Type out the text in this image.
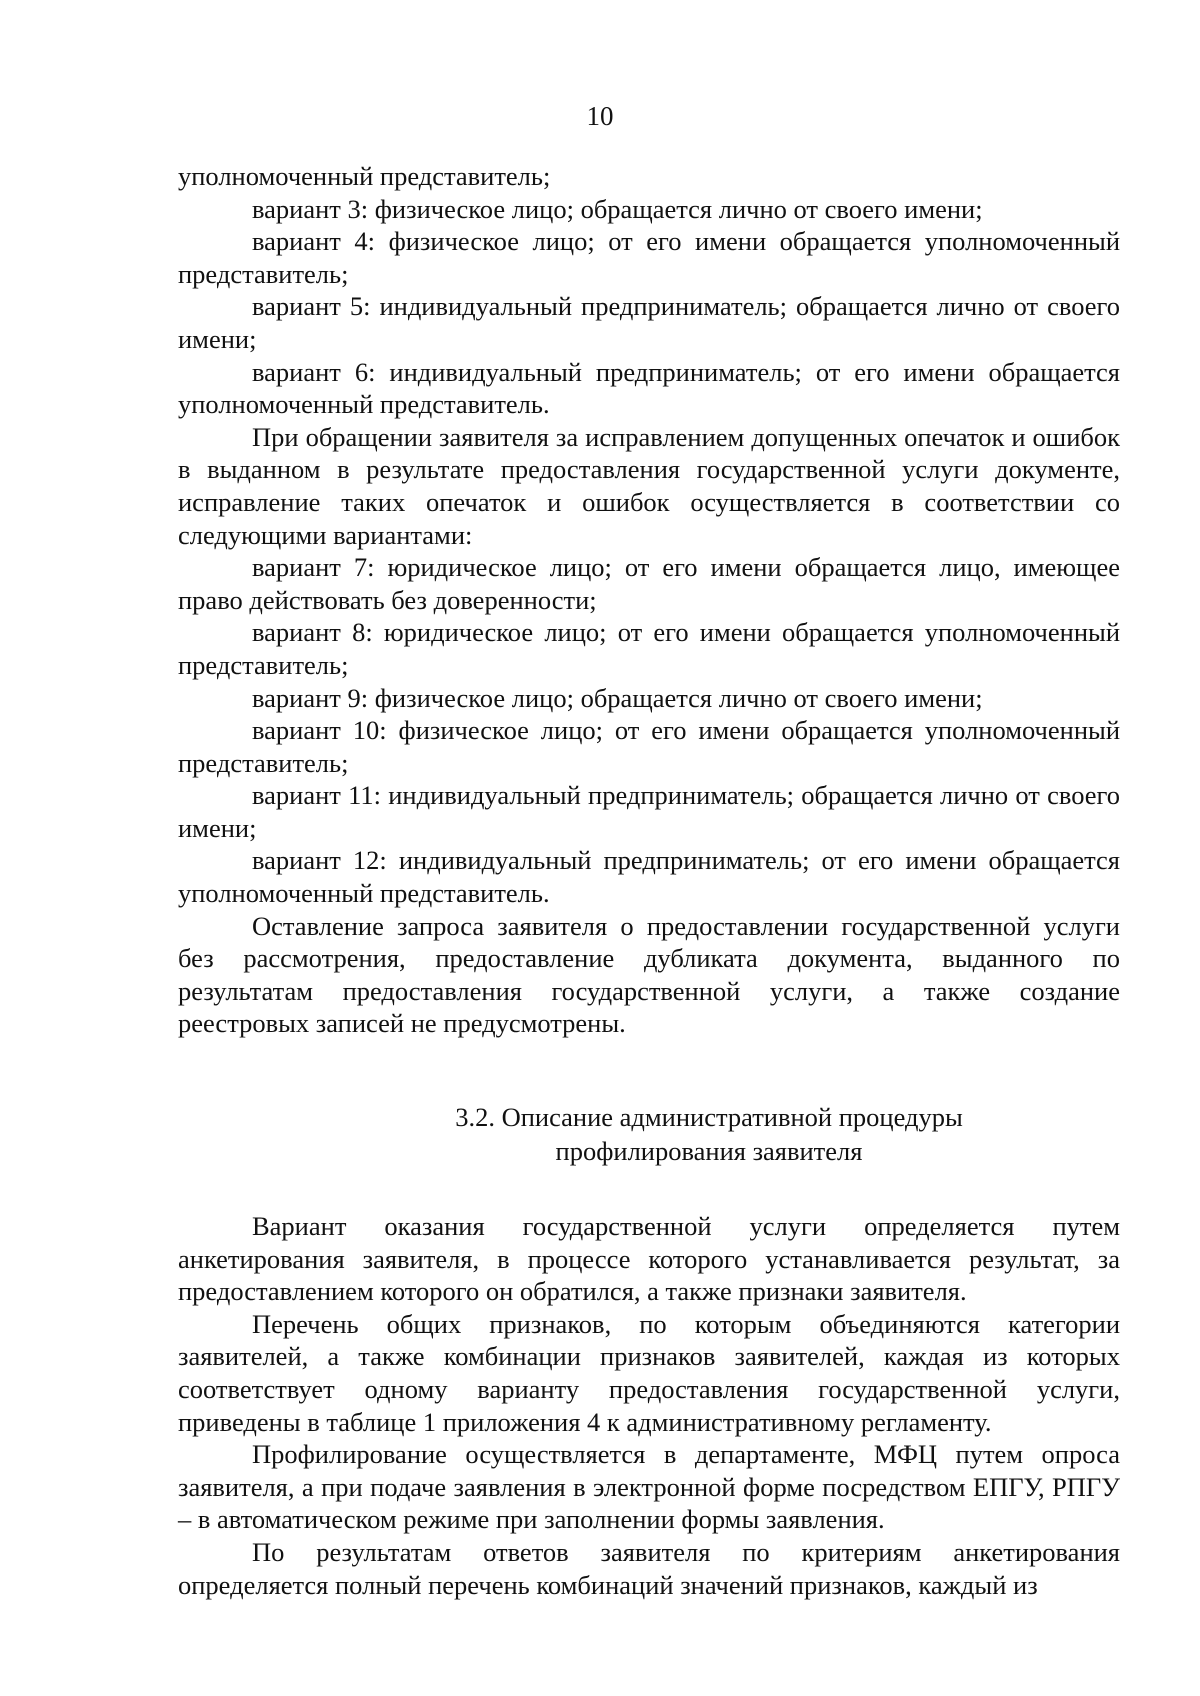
10

уполномоченный представитель;

вариант 3: физическое лицо; обращается лично от своего имени;

вариант 4: физическое лицо; от его имени обращается уполномоченный представитель;

вариант 5: индивидуальный предприниматель; обращается лично от своего имени;

вариант 6: индивидуальный предприниматель; от его имени обращается уполномоченный представитель.

При обращении заявителя за исправлением допущенных опечаток и ошибок в выданном в результате предоставления государственной услуги документе, исправление таких опечаток и ошибок осуществляется в соответствии со следующими вариантами:

вариант 7: юридическое лицо; от его имени обращается лицо, имеющее право действовать без доверенности;

вариант 8: юридическое лицо; от его имени обращается уполномоченный представитель;

вариант 9: физическое лицо; обращается лично от своего имени;

вариант 10: физическое лицо; от его имени обращается уполномоченный представитель;

вариант 11: индивидуальный предприниматель; обращается лично от своего имени;

вариант 12: индивидуальный предприниматель; от его имени обращается уполномоченный представитель.

Оставление запроса заявителя о предоставлении государственной услуги без рассмотрения, предоставление дубликата документа, выданного по результатам предоставления государственной услуги, а также создание реестровых записей не предусмотрены.

3.2. Описание административной процедуры
профилирования заявителя

Вариант оказания государственной услуги определяется путем анкетирования заявителя, в процессе которого устанавливается результат, за предоставлением которого он обратился, а также признаки заявителя.

Перечень общих признаков, по которым объединяются категории заявителей, а также комбинации признаков заявителей, каждая из которых соответствует одному варианту предоставления государственной услуги, приведены в таблице 1 приложения 4 к административному регламенту.

Профилирование осуществляется в департаменте, МФЦ путем опроса заявителя, а при подаче заявления в электронной форме посредством ЕПГУ, РПГУ – в автоматическом режиме при заполнении формы заявления.

По результатам ответов заявителя по критериям анкетирования определяется полный перечень комбинаций значений признаков, каждый из
